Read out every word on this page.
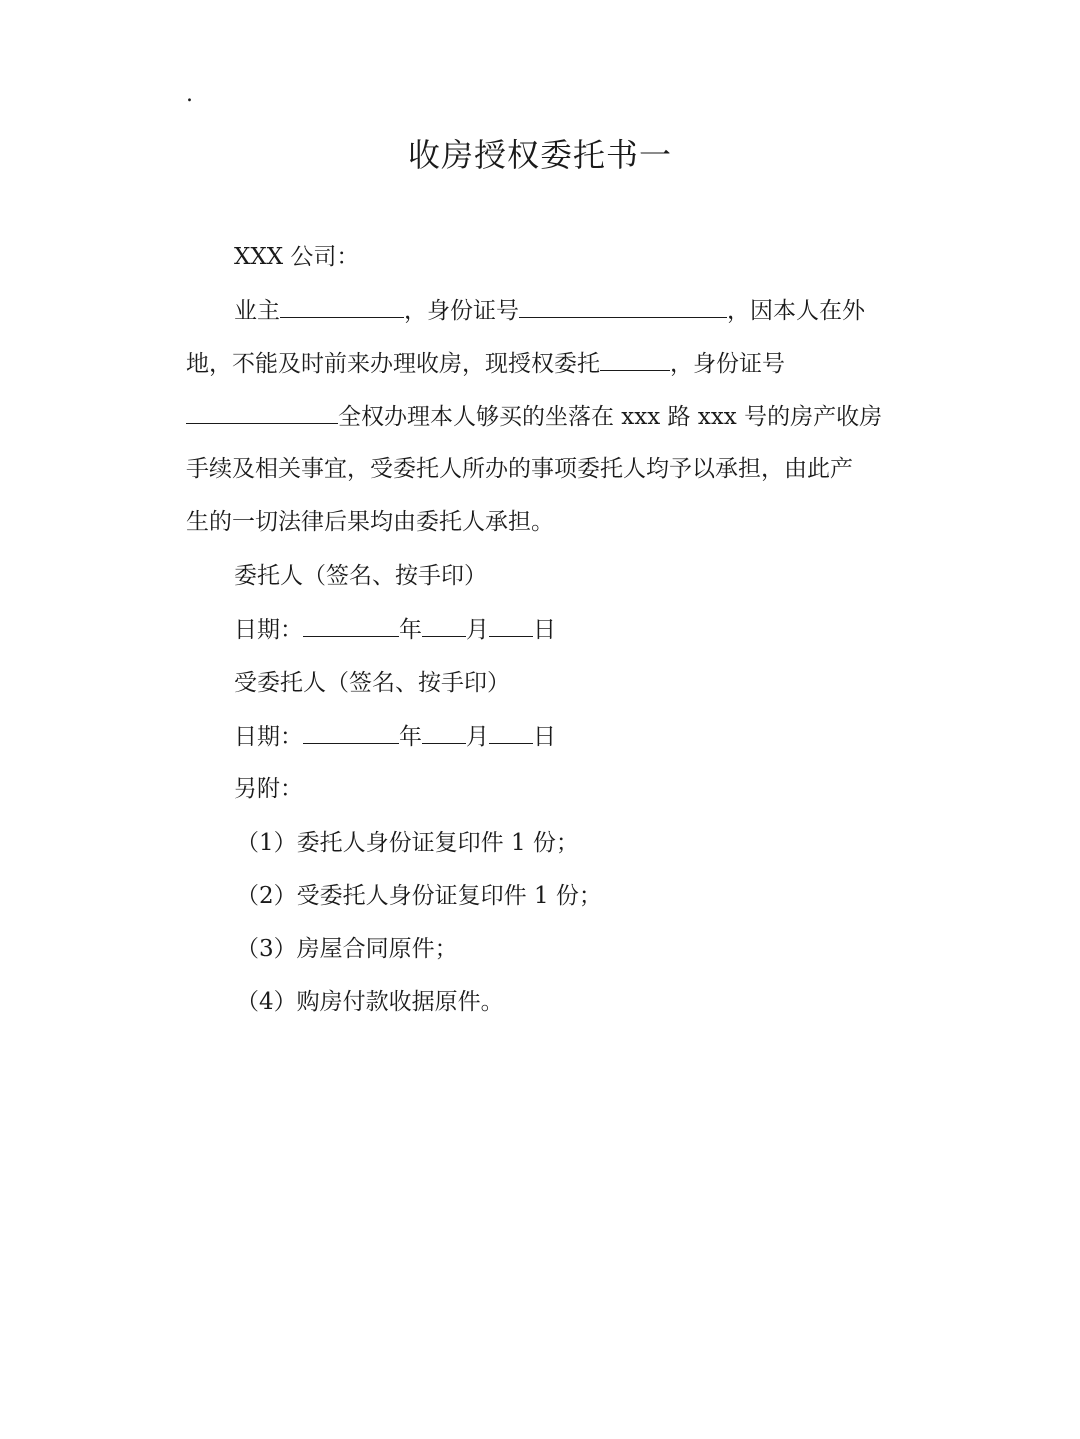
.
收房授权委托书一
XXX 公司：
业主	，身份证号	，因本人在外
地，不能及时前来办理收房，现授权委托	，身份证号
全权办理本人够买的坐落在 xxx 路 xxx 号的房产收房
手续及相关事宜，受委托人所办的事项委托人均予以承担，由此产
生的一切法律后果均由委托人承担。
委托人（签名、按手印）
日期：	年 月 日
受委托人（签名、按手印）
日期：	年 月 日
另附：
（1）委托人身份证复印件 1 份；
（2）受委托人身份证复印件 1 份；
（3）房屋合同原件；
（4）购房付款收据原件。
